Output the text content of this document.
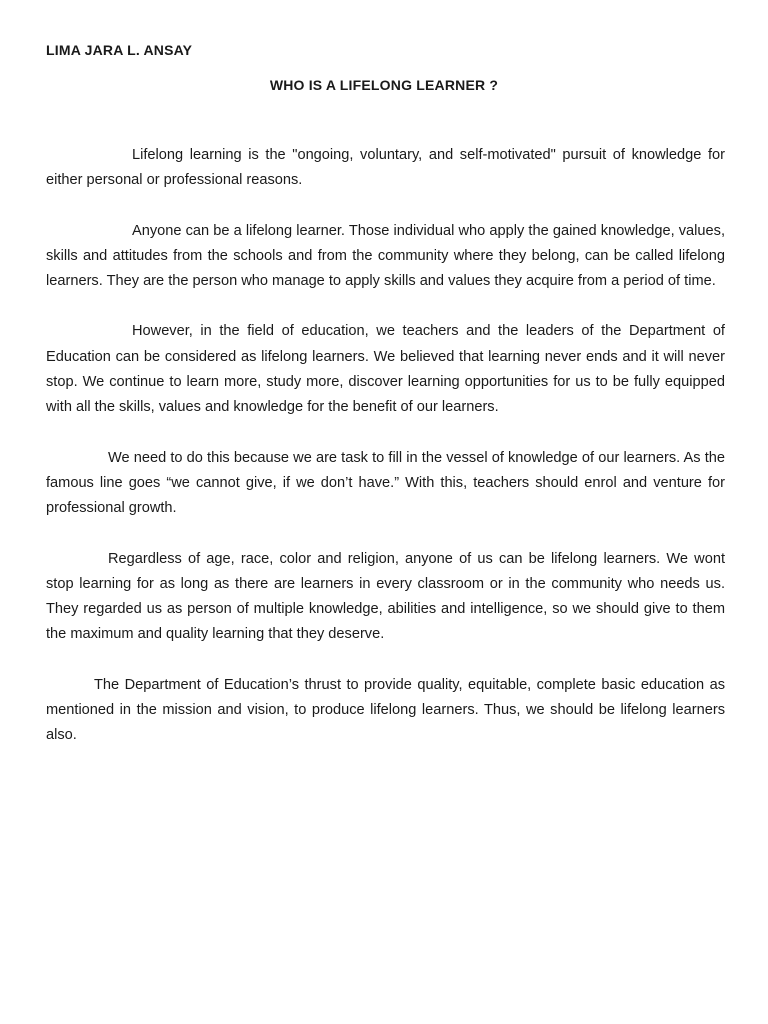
LIMA JARA L. ANSAY

WHO IS A LIFELONG LEARNER ?

Lifelong learning is the "ongoing, voluntary, and self-motivated" pursuit of knowledge for either personal or professional reasons.

Anyone can be a lifelong learner. Those individual who apply the gained knowledge, values, skills and attitudes from the schools and from the community where they belong, can be called lifelong learners. They are the person who manage to apply skills and values they acquire from a period of time.

However, in the field of education, we teachers and the leaders of the Department of Education can be considered as lifelong learners. We believed that learning never ends and it will never stop. We continue to learn more, study more, discover learning opportunities for us to be fully equipped with all the skills, values and knowledge for the benefit of our learners.

We need to do this because we are task to fill in the vessel of knowledge of our learners. As the famous line goes “we cannot give, if we don’t have.” With this, teachers should enrol and venture for professional growth.

Regardless of age, race, color and religion, anyone of us can be lifelong learners. We wont stop learning for as long as there are learners in every classroom or in the community who needs us. They regarded us as person of multiple knowledge, abilities and intelligence, so we should give to them the maximum and quality learning that they deserve.

The Department of Education’s thrust to provide quality, equitable, complete basic education as mentioned in the mission and vision, to produce lifelong learners. Thus, we should be lifelong learners also.
